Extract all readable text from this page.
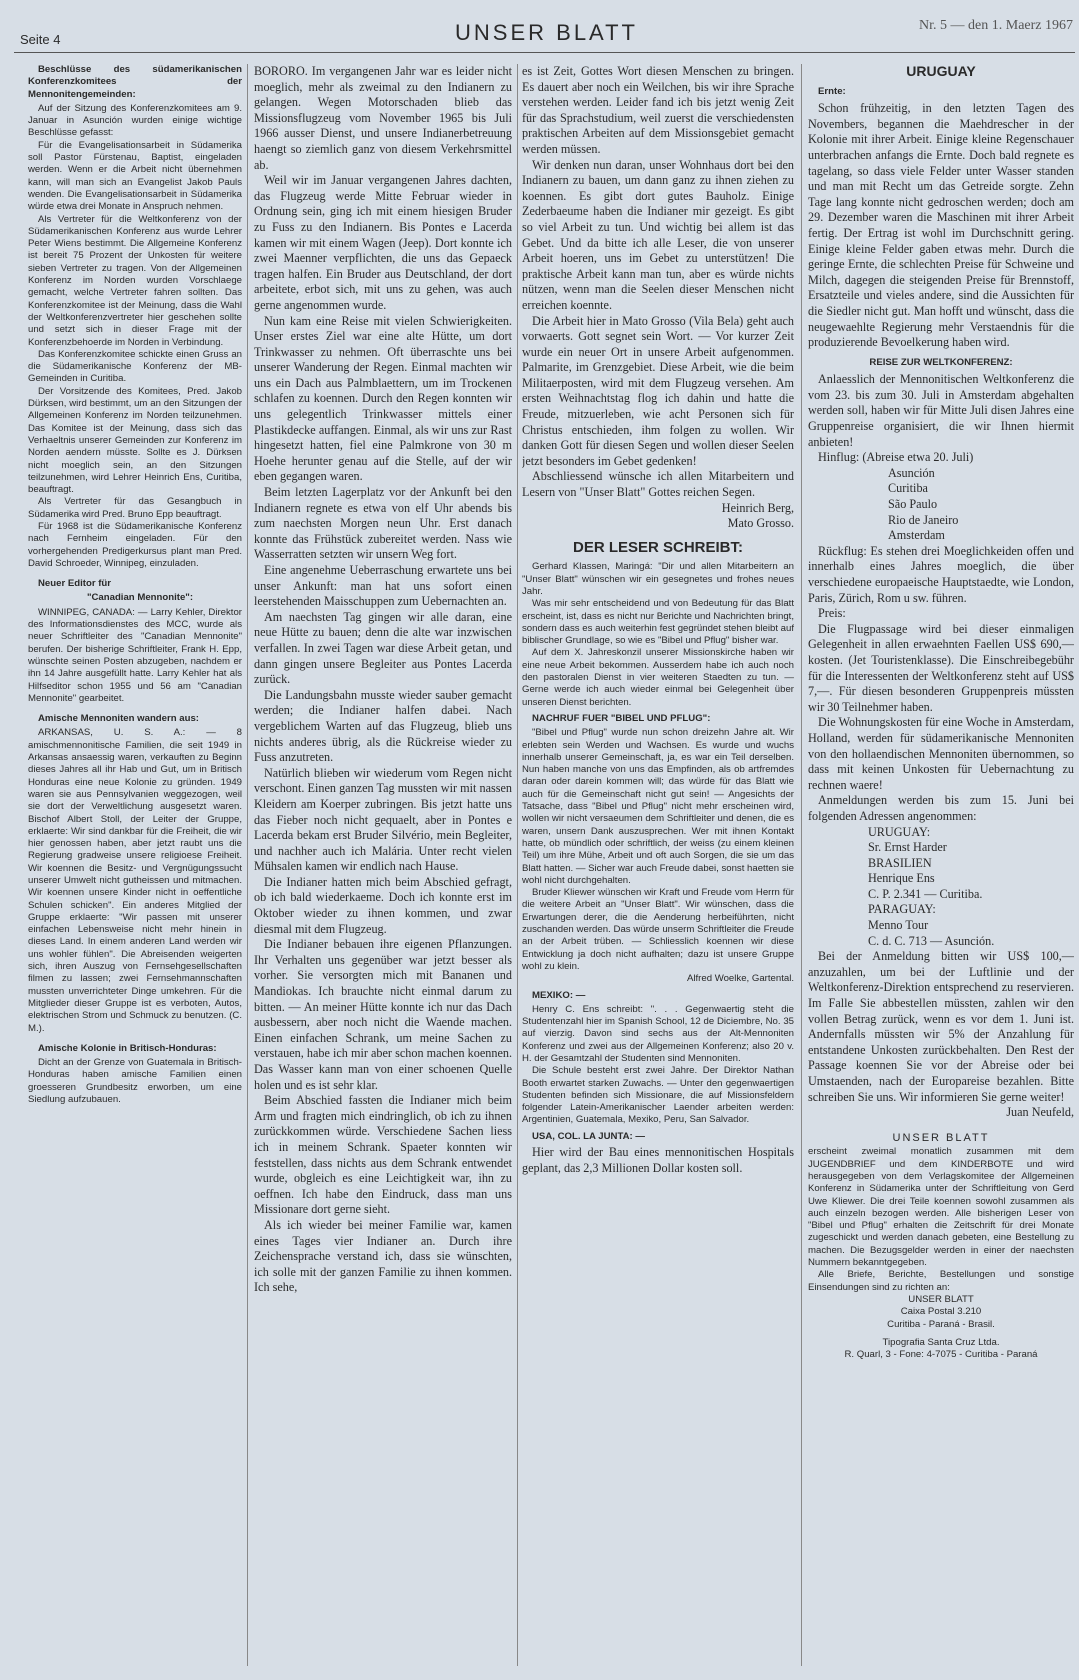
Seite 4	UNSER BLATT	Nr. 5 — den 1. Maerz 1967
Beschlüsse des südamerikanischen Konferenzkomitees der Mennonitengemeinden:

Auf der Sitzung des Konferenzkomitees am 9. Januar in Asunción wurden einige wichtige Beschlüsse gefasst:

Für die Evangelisationsarbeit in Südamerika soll Pastor Fürstenau, Baptist, eingeladen werden. Wenn er die Arbeit nicht übernehmen kann, will man sich an Evangelist Jakob Pauls wenden. Die Evangelisationsarbeit in Südamerika würde etwa drei Monate in Anspruch nehmen.

Als Vertreter für die Weltkonferenz von der Südamerikanischen Konferenz aus wurde Lehrer Peter Wiens bestimmt. Die Allgemeine Konferenz ist bereit 75 Prozent der Unkosten für weitere sieben Vertreter zu tragen. Von der Allgemeinen Konferenz im Norden wurden Vorschlaege gemacht, welche Vertreter fahren sollten. Das Konferenzkomitee ist der Meinung, dass die Wahl der Weltkonferenzvertreter hier geschehen sollte und setzt sich in dieser Frage mit der Konferenzbehoerde im Norden in Verbindung.

Das Konferenzkomitee schickte einen Gruss an die Südamerikanische Konferenz der MB-Gemeinden in Curitiba.

Der Vorsitzende des Komitees, Pred. Jakob Dürksen, wird bestimmt, um an den Sitzungen der Allgemeinen Konferenz im Norden teilzunehmen. Das Komitee ist der Meinung, dass sich das Verhaeltnis unserer Gemeinden zur Konferenz im Norden aendern müsste. Sollte es J. Dürksen nicht moeglich sein, an den Sitzungen teilzunehmen, wird Lehrer Heinrich Ens, Curitiba, beauftragt.

Als Vertreter für das Gesangbuch in Südamerika wird Pred. Bruno Epp beauftragt.

Für 1968 ist die Südamerikanische Konferenz nach Fernheim eingeladen. Für den vorhergehenden Predigerkursus plant man Pred. David Schroeder, Winnipeg, einzuladen.

Neuer Editor für
"Canadian Mennonite":

WINNIPEG, CANADA: — Larry Kehler, Direktor des Informationsdienstes des MCC, wurde als neuer Schriftleiter des "Canadian Mennonite" berufen. Der bisherige Schriftleiter, Frank H. Epp, wünschte seinen Posten abzugeben, nachdem er ihn 14 Jahre ausgefüllt hatte. Larry Kehler hat als Hilfseditor schon 1955 und 56 am "Canadian Mennonite" gearbeitet.

Amische Mennoniten wandern aus:

ARKANSAS, U. S. A.: — 8 amischmennonitische Familien, die seit 1949 in Arkansas ansaessig waren, verkauften zu Beginn dieses Jahres all ihr Hab und Gut, um in Britisch Honduras eine neue Kolonie zu gründen. 1949 waren sie aus Pennsylvanien weggezogen, weil sie dort der Verweltlichung ausgesetzt waren. Bischof Albert Stoll, der Leiter der Gruppe, erklaerte: Wir sind dankbar für die Freiheit, die wir hier genossen haben, aber jetzt raubt uns die Regierung gradweise unsere religioese Freiheit. Wir koennen die Besitz- und Vergnügungssucht unserer Umwelt nicht gutheissen und mitmachen. Wir koennen unsere Kinder nicht in oeffentliche Schulen schicken". Ein anderes Mitglied der Gruppe erklaerte: "Wir passen mit unserer einfachen Lebensweise nicht mehr hinein in dieses Land. In einem anderen Land werden wir uns wohler fühlen". Die Abreisenden weigerten sich, ihren Auszug von Fernsehgesellschaften filmen zu lassen; zwei Fernsehmannschaften mussten unverrichteter Dinge umkehren. Für die Mitglieder dieser Gruppe ist es verboten, Autos, elektrischen Strom und Schmuck zu benutzen. (C. M.).

Amische Kolonie in Britisch-Honduras:

Dicht an der Grenze von Guatemala in Britisch-Honduras haben amische Familien einen groesseren Grundbesitz erworben, um eine Siedlung aufzubauen.

BORORO. Im vergangenen Jahr war es leider nicht moeglich, mehr als zweimal zu den Indianern zu gelangen. Wegen Motorschaden blieb das Missionsflugzeug vom November 1965 bis Juli 1966 ausser Dienst, und unsere Indianerbetreuung haengt so ziemlich ganz von diesem Verkehrsmittel ab.

Weil wir im Januar vergangenen Jahres dachten, das Flugzeug werde Mitte Februar wieder in Ordnung sein, ging ich mit einem hiesigen Bruder zu Fuss zu den Indianern. Bis Pontes e Lacerda kamen wir mit einem Wagen (Jeep). Dort konnte ich zwei Maenner verpflichten, die uns das Gepaeck tragen halfen. Ein Bruder aus Deutschland, der dort arbeitete, erbot sich, mit uns zu gehen, was auch gerne angenommen wurde.

Nun kam eine Reise mit vielen Schwierigkeiten. Unser erstes Ziel war eine alte Hütte, um dort Trinkwasser zu nehmen. Oft überraschte uns bei unserer Wanderung der Regen. Einmal machten wir uns ein Dach aus Palmblaettern, um im Trockenen schlafen zu koennen. Durch den Regen konnten wir uns gelegentlich Trinkwasser mittels einer Plastikdecke auffangen. Einmal, als wir uns zur Rast hingesetzt hatten, fiel eine Palmkrone von 30 m Hoehe herunter genau auf die Stelle, auf der wir eben gegangen waren.

Beim letzten Lagerplatz vor der Ankunft bei den Indianern regnete es etwa von elf Uhr abends bis zum naechsten Morgen neun Uhr. Erst danach konnte das Frühstück zubereitet werden. Nass wie Wasserratten setzten wir unsern Weg fort.

Eine angenehme Ueberraschung erwartete uns bei unser Ankunft: man hat uns sofort einen leerstehenden Maisschuppen zum Uebernachten an.

Am naechsten Tag gingen wir alle daran, eine neue Hütte zu bauen; denn die alte war inzwischen verfallen. In zwei Tagen war diese Arbeit getan, und dann gingen unsere Begleiter aus Pontes Lacerda zurück.

Die Landungsbahn musste wieder sauber gemacht werden; die Indianer halfen dabei. Nach vergeblichem Warten auf das Flugzeug, blieb uns nichts anderes übrig, als die Rückreise wieder zu Fuss anzutreten.

Natürlich blieben wir wiederum vom Regen nicht verschont. Einen ganzen Tag mussten wir mit nassen Kleidern am Koerper zubringen. Bis jetzt hatte uns das Fieber noch nicht gequaelt, aber in Pontes e Lacerda bekam erst Bruder Silvério, mein Begleiter, und nachher auch ich Malária. Unter recht vielen Mühsalen kamen wir endlich nach Hause.

Die Indianer hatten mich beim Abschied gefragt, ob ich bald wiederkaeme. Doch ich konnte erst im Oktober wieder zu ihnen kommen, und zwar diesmal mit dem Flugzeug.

Die Indianer bebauen ihre eigenen Pflanzungen. Ihr Verhalten uns gegenüber war jetzt besser als vorher. Sie versorgten mich mit Bananen und Mandiokas. Ich brauchte nicht einmal darum zu bitten. — An meiner Hütte konnte ich nur das Dach ausbessern, aber noch nicht die Waende machen. Einen einfachen Schrank, um meine Sachen zu verstauen, habe ich mir aber schon machen koennen. Das Wasser kann man von einer schoenen Quelle holen und es ist sehr klar.

Beim Abschied fassten die Indianer mich beim Arm und fragten mich eindringlich, ob ich zu ihnen zurückkommen würde. Verschiedene Sachen liess ich in meinem Schrank. Spaeter konnten wir feststellen, dass nichts aus dem Schrank entwendet wurde, obgleich es eine Leichtigkeit war, ihn zu oeffnen. Ich habe den Eindruck, dass man uns Missionare dort gerne sieht.

Als ich wieder bei meiner Familie war, kamen eines Tages vier Indianer an. Durch ihre Zeichensprache verstand ich, dass sie wünschten, ich solle mit der ganzen Familie zu ihnen kommen. Ich sehe,

es ist Zeit, Gottes Wort diesen Menschen zu bringen. Es dauert aber noch ein Weilchen, bis wir ihre Sprache verstehen werden. Leider fand ich bis jetzt wenig Zeit für das Sprachstudium, weil zuerst die verschiedensten praktischen Arbeiten auf dem Missionsgebiet gemacht werden müssen.

Wir denken nun daran, unser Wohnhaus dort bei den Indianern zu bauen, um dann ganz zu ihnen ziehen zu koennen. Es gibt dort gutes Bauholz. Einige Zederbaeume haben die Indianer mir gezeigt. Es gibt so viel Arbeit zu tun. Und wichtig bei allem ist das Gebet. Und da bitte ich alle Leser, die von unserer Arbeit hoeren, uns im Gebet zu unterstützen! Die praktische Arbeit kann man tun, aber es würde nichts nützen, wenn man die Seelen dieser Menschen nicht erreichen koennte.

Die Arbeit hier in Mato Grosso (Vila Bela) geht auch vorwaerts. Gott segnet sein Wort. — Vor kurzer Zeit wurde ein neuer Ort in unsere Arbeit aufgenommen. Palmarite, im Grenzgebiet. Diese Arbeit, wie die beim Militaerposten, wird mit dem Flugzeug versehen. Am ersten Weihnachtstag flog ich dahin und hatte die Freude, mitzuerleben, wie acht Personen sich für Christus entschieden, ihm folgen zu wollen. Wir danken Gott für diesen Segen und wollen dieser Seelen jetzt besonders im Gebet gedenken!

Abschliessend wünsche ich allen Mitarbeitern und Lesern von "Unser Blatt" Gottes reichen Segen.

Heinrich Berg,

Mato Grosso.

DER LESER SCHREIBT:

Gerhard Klassen, Maringá: "Dir und allen Mitarbeitern an "Unser Blatt" wünschen wir ein gesegnetes und frohes neues Jahr.

Was mir sehr entscheidend und von Bedeutung für das Blatt erscheint, ist, dass es nicht nur Berichte und Nachrichten bringt, sondern dass es auch weiterhin fest gegründet stehen bleibt auf biblischer Grundlage, so wie es "Bibel und Pflug" bisher war.

Auf dem X. Jahreskonzil unserer Missionskirche haben wir eine neue Arbeit bekommen. Ausserdem habe ich auch noch den pastoralen Dienst in vier weiteren Staedten zu tun. — Gerne werde ich auch wieder einmal bei Gelegenheit über unseren Dienst berichten.

NACHRUF FUER "BIBEL UND PFLUG":

"Bibel und Pflug" wurde nun schon dreizehn Jahre alt. Wir erlebten sein Werden und Wachsen. Es wurde und wuchs innerhalb unserer Gemeinschaft, ja, es war ein Teil derselben. Nun haben manche von uns das Empfinden, als ob artfremdes daran oder darein kommen will; das würde für das Blatt wie auch für die Gemeinschaft nicht gut sein! — Angesichts der Tatsache, dass "Bibel und Pflug" nicht mehr erscheinen wird, wollen wir nicht versaeumen dem Schriftleiter und denen, die es waren, unsern Dank auszusprechen. Wer mit ihnen Kontakt hatte, ob mündlich oder schriftlich, der weiss (zu einem kleinen Teil) um ihre Mühe, Arbeit und oft auch Sorgen, die sie um das Blatt hatten. — Sicher war auch Freude dabei, sonst haetten sie wohl nicht durchgehalten.

Bruder Kliewer wünschen wir Kraft und Freude vom Herrn für die weitere Arbeit an "Unser Blatt". Wir wünschen, dass die Erwartungen derer, die die Aenderung herbeiführten, nicht zuschanden werden. Das würde unserm Schriftleiter die Freude an der Arbeit trüben. — Schliesslich koennen wir diese Entwicklung ja doch nicht aufhalten; dazu ist unsere Gruppe wohl zu klein.

Alfred Woelke, Gartental.

MEXIKO: —

Henry C. Ens schreibt: ". . . Gegenwaertig steht die Studentenzahl hier im Spanish School, 12 de Diciembre, No. 35 auf vierzig. Davon sind sechs aus der Alt-Mennoniten Konferenz und zwei aus der Allgemeinen Konferenz; also 20 v. H. der Gesamtzahl der Studenten sind Mennoniten.

Die Schule besteht erst zwei Jahre. Der Direktor Nathan Booth erwartet starken Zuwachs. — Unter den gegenwaertigen Studenten befinden sich Missionare, die auf Missionsfeldern folgender Latein-Amerikanischer Laender arbeiten werden: Argentinien, Guatemala, Mexiko, Peru, San Salvador.

USA, COL. LA JUNTA: —

Hier wird der Bau eines mennonitischen Hospitals geplant, das 2,3 Millionen Dollar kosten soll.

URUGUAY
Ernte:

Schon frühzeitig, in den letzten Tagen des Novembers, begannen die Maehdrescher in der Kolonie mit ihrer Arbeit. Einige kleine Regenschauer unterbrachen anfangs die Ernte. Doch bald regnete es tagelang, so dass viele Felder unter Wasser standen und man mit Recht um das Getreide sorgte. Zehn Tage lang konnte nicht gedroschen werden; doch am 29. Dezember waren die Maschinen mit ihrer Arbeit fertig. Der Ertrag ist wohl im Durchschnitt gering. Einige kleine Felder gaben etwas mehr. Durch die geringe Ernte, die schlechten Preise für Schweine und Milch, dagegen die steigenden Preise für Brennstoff, Ersatzteile und vieles andere, sind die Aussichten für die Siedler nicht gut. Man hofft und wünscht, dass die neugewaehlte Regierung mehr Verstaendnis für die produzierende Bevoelkerung haben wird.

REISE ZUR WELTKONFERENZ:

Anlaesslich der Mennonitischen Weltkonferenz die vom 23. bis zum 30. Juli in Amsterdam abgehalten werden soll, haben wir für Mitte Juli disen Jahres eine Gruppenreise organisiert, die wir Ihnen hiermit anbieten!

Hinflug: (Abreise etwa 20. Juli)

Asunción
Curitiba
São Paulo
Rio de Janeiro
Amsterdam

Rückflug: Es stehen drei Moeglichkeiden offen und innerhalb eines Jahres moeglich, die über verschiedene europaeische Hauptstaedte, wie London, Paris, Zürich, Rom u sw. führen.

Preis:

Die Flugpassage wird bei dieser einmaligen Gelegenheit in allen erwaehnten Faellen US$ 690,— kosten. (Jet Touristenklasse). Die Einschreibegebühr für die Interessenten der Weltkonferenz steht auf US$ 7,—. Für diesen besonderen Gruppenpreis müssten wir 30 Teilnehmer haben.

Die Wohnungskosten für eine Woche in Amsterdam, Holland, werden für südamerikanische Mennoniten von den hollaendischen Mennoniten übernommen, so dass mit keinen Unkosten für Uebernachtung zu rechnen waere!

Anmeldungen werden bis zum 15. Juni bei folgenden Adressen angenommen:

URUGUAY:
Sr. Ernst Harder
BRASILIEN
Henrique Ens
C. P. 2.341 — Curitiba.
PARAGUAY:
Menno Tour
C. d. C. 713 — Asunción.

Bei der Anmeldung bitten wir US$ 100,— anzuzahlen, um bei der Luftlinie und der Weltkonferenz-Direktion entsprechend zu reservieren. Im Falle Sie abbestellen müssten, zahlen wir den vollen Betrag zurück, wenn es vor dem 1. Juni ist. Andernfalls müssten wir 5% der Anzahlung für entstandene Unkosten zurückbehalten. Den Rest der Passage koennen Sie vor der Abreise oder bei Umstaenden, nach der Europareise bezahlen. Bitte schreiben Sie uns. Wir informieren Sie gerne weiter!

Juan Neufeld,

UNSER BLATT

erscheint zweimal monatlich zusammen mit dem JUGENDBRIEF und dem KINDERBOTE und wird herausgegeben von dem Verlagskomitee der Allgemeinen Konferenz in Südamerika unter der Schriftleitung von Gerd Uwe Kliewer. Die drei Teile koennen sowohl zusammen als auch einzeln bezogen werden. Alle bisherigen Leser von "Bibel und Pflug" erhalten die Zeitschrift für drei Monate zugeschickt und werden danach gebeten, eine Bestellung zu machen. Die Bezugsgelder werden in einer der naechsten Nummern bekanntgegeben.

Alle Briefe, Berichte, Bestellungen und sonstige Einsendungen sind zu richten an:

UNSER BLATT
Caixa Postal 3.210
Curitiba - Paraná - Brasil.
Tipografia Santa Cruz Ltda.
R. Quarl, 3 - Fone: 4-7075 - Curitiba - Paraná
